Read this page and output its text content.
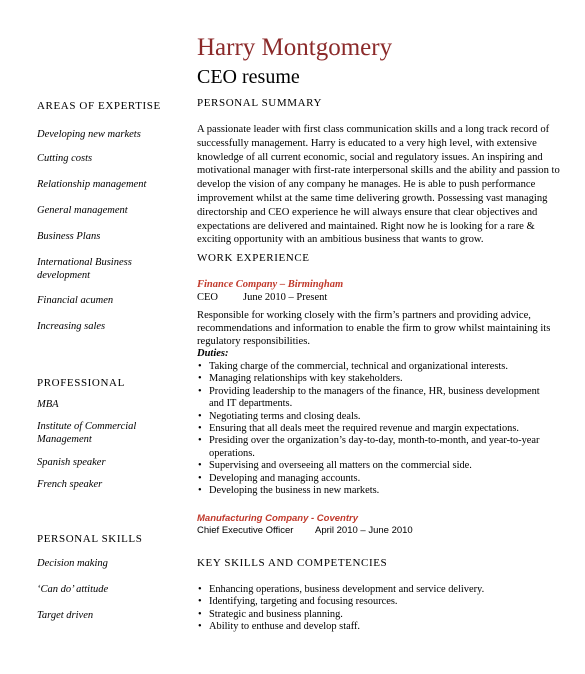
Harry Montgomery
CEO resume
AREAS OF EXPERTISE
Developing new markets
Cutting costs
Relationship management
General management
Business Plans
International Business development
Financial acumen
Increasing sales
PROFESSIONAL
MBA
Institute of Commercial Management
Spanish speaker
French speaker
PERSONAL SKILLS
Decision making
‘Can do’ attitude
Target driven
PERSONAL SUMMARY
A passionate leader with first class communication skills and a long track record of successfully management. Harry is educated to a very high level, with extensive knowledge of all current economic, social and regulatory issues. An inspiring and motivational manager with first-rate interpersonal skills and the ability and passion to develop the vision of any company he manages. He is able to push performance improvement whilst at the same time delivering growth. Possessing vast managing directorship and CEO experience he will always ensure that clear objectives and expectations are delivered and maintained. Right now he is looking for a rare & exciting opportunity with an ambitious business that wants to grow.
WORK EXPERIENCE
Finance Company – Birmingham
CEO June 2010 – Present
Responsible for working closely with the firm’s partners and providing advice, recommendations and information to enable the firm to grow whilst maintaining its regulatory responsibilities.
Duties:
• Taking charge of the commercial, technical and organizational interests.
• Managing relationships with key stakeholders.
• Providing leadership to the managers of the finance, HR, business development and IT departments.
• Negotiating terms and closing deals.
• Ensuring that all deals meet the required revenue and margin expectations.
• Presiding over the organization’s day-to-day, month-to-month, and year-to-year operations.
• Supervising and overseeing all matters on the commercial side.
• Developing and managing accounts.
• Developing the business in new markets.
Manufacturing Company - Coventry
Chief Executive Officer April 2010 – June 2010
KEY SKILLS AND COMPETENCIES
• Enhancing operations, business development and service delivery.
• Identifying, targeting and focusing resources.
• Strategic and business planning.
• Ability to enthuse and develop staff.
